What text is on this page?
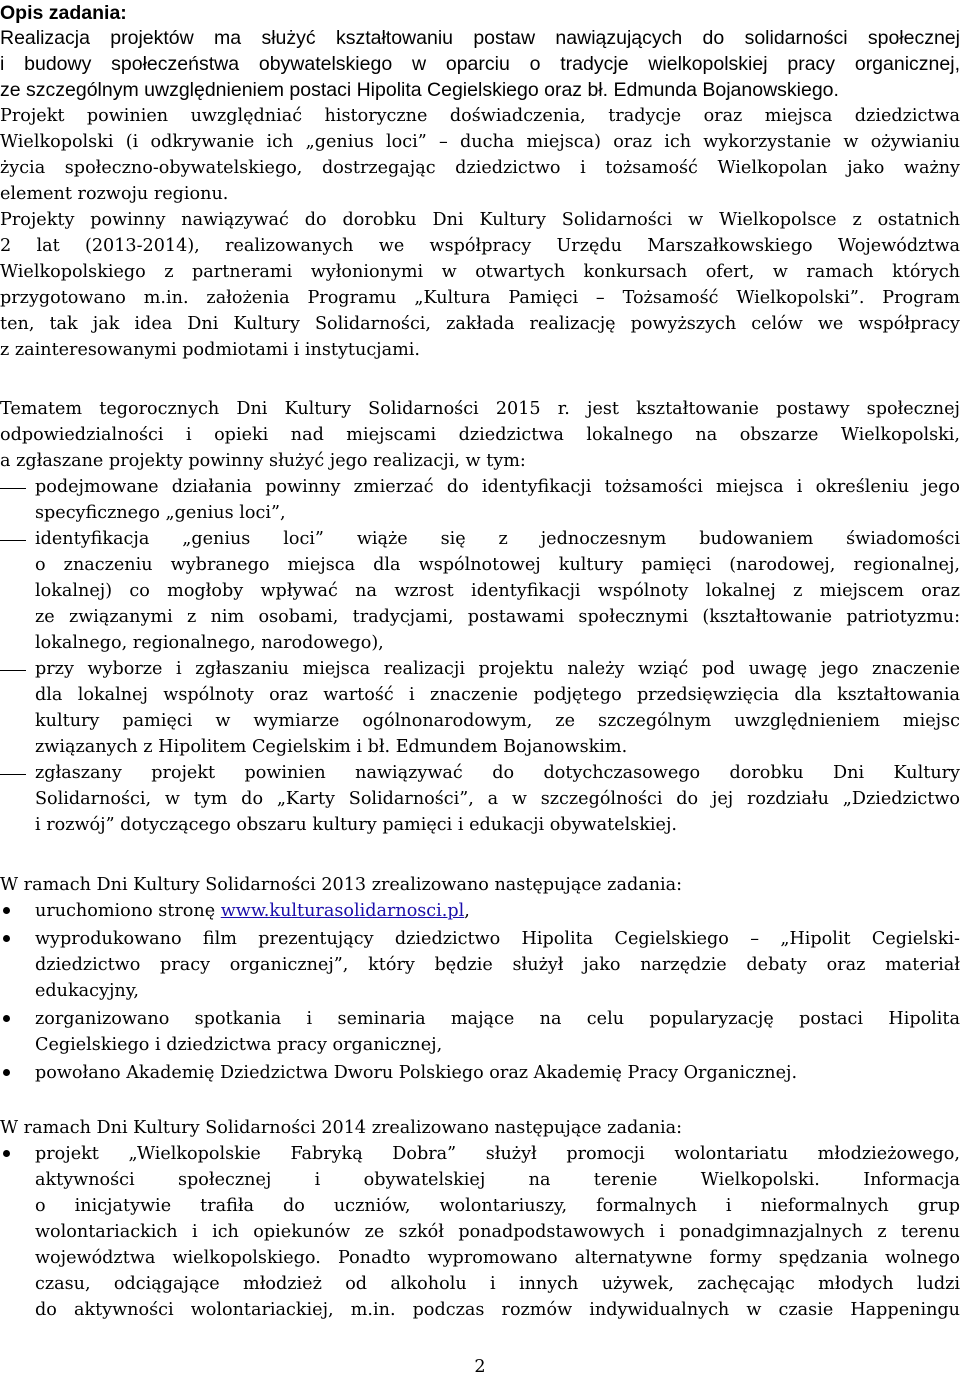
Opis zadania:
Realizacja projektów ma służyć kształtowaniu postaw nawiązujących do solidarności społecznej
i budowy społeczeństwa obywatelskiego w oparciu o tradycje wielkopolskiej pracy organicznej,
ze szczególnym uwzględnieniem postaci Hipolita Cegielskiego oraz bł. Edmunda Bojanowskiego.
Projekt powinien uwzględniać historyczne doświadczenia, tradycje oraz miejsca dziedzictwa
Wielkopolski (i odkrywanie ich „genius loci” – ducha miejsca) oraz ich wykorzystanie w ożywianiu
życia społeczno-obywatelskiego, dostrzegając dziedzictwo i tożsamość Wielkopolan jako ważny
element rozwoju regionu.
Projekty powinny nawiązywać do dorobku Dni Kultury Solidarności w Wielkopolsce z ostatnich
2 lat (2013-2014), realizowanych we współpracy Urzędu Marszałkowskiego Województwa
Wielkopolskiego z partnerami wyłonionymi w otwartych konkursach ofert, w ramach których
przygotowano m.in. założenia Programu „Kultura Pamięci – Tożsamość Wielkopolski”. Program
ten, tak jak idea Dni Kultury Solidarności, zakłada realizację powyższych celów we współpracy
z zainteresowanymi podmiotami i instytucjami.
Tematem tegorocznych Dni Kultury Solidarności 2015 r. jest kształtowanie postawy społecznej
odpowiedzialności i opieki nad miejscami dziedzictwa lokalnego na obszarze Wielkopolski,
a zgłaszane projekty powinny służyć jego realizacji, w tym:
podejmowane działania powinny zmierzać do identyfikacji tożsamości miejsca i określeniu jego
specyficznego „genius loci”,
identyfikacja „genius loci” wiąże się z jednoczesnym budowaniem świadomości
o znaczeniu wybranego miejsca dla wspólnotowej kultury pamięci (narodowej, regionalnej,
lokalnej) co mogłoby wpływać na wzrost identyfikacji wspólnoty lokalnej z miejscem oraz
ze związanymi z nim osobami, tradycjami, postawami społecznymi (kształtowanie patriotyzmu:
lokalnego, regionalnego, narodowego),
przy wyborze i zgłaszaniu miejsca realizacji projektu należy wziąć pod uwagę jego znaczenie
dla lokalnej wspólnoty oraz wartość i znaczenie podjętego przedsięwzięcia dla kształtowania
kultury pamięci w wymiarze ogólnonarodowym, ze szczególnym uwzględnieniem miejsc
związanych z Hipolitem Cegielskim i bł. Edmundem Bojanowskim.
zgłaszany projekt powinien nawiązywać do dotychczasowego dorobku Dni Kultury
Solidarności, w tym do „Karty Solidarności”, a w szczególności do jej rozdziału „Dziedzictwo
i rozwój” dotyczącego obszaru kultury pamięci i edukacji obywatelskiej.
W ramach Dni Kultury Solidarności 2013 zrealizowano następujące zadania:
uruchomiono stronę www.kulturasolidarnosci.pl,
wyprodukowano film prezentujący dziedzictwo Hipolita Cegielskiego – „Hipolit Cegielski-
dziedzictwo pracy organicznej”, który będzie służył jako narzędzie debaty oraz materiał
edukacyjny,
zorganizowano spotkania i seminaria mające na celu popularyzację postaci Hipolita
Cegielskiego i dziedzictwa pracy organicznej,
powołano Akademię Dziedzictwa Dworu Polskiego oraz Akademię Pracy Organicznej.
W ramach Dni Kultury Solidarności 2014 zrealizowano następujące zadania:
projekt „Wielkopolskie Fabryką Dobra” służył promocji wolontariatu młodzieżowego,
aktywności społecznej i obywatelskiej na terenie Wielkopolski. Informacja
o inicjatywie trafiła do uczniów, wolontariuszy, formalnych i nieformalnych grup
wolontariackich i ich opiekunów ze szkół ponadpodstawowych i ponadgimnazjalnych z terenu
województwa wielkopolskiego. Ponadto wypromowano alternatywne formy spędzania wolnego
czasu, odciągające młodzież od alkoholu i innych używek, zachęcając młodych ludzi
do aktywności wolontariackiej, m.in. podczas rozmów indywidualnych w czasie Happeningu
2
